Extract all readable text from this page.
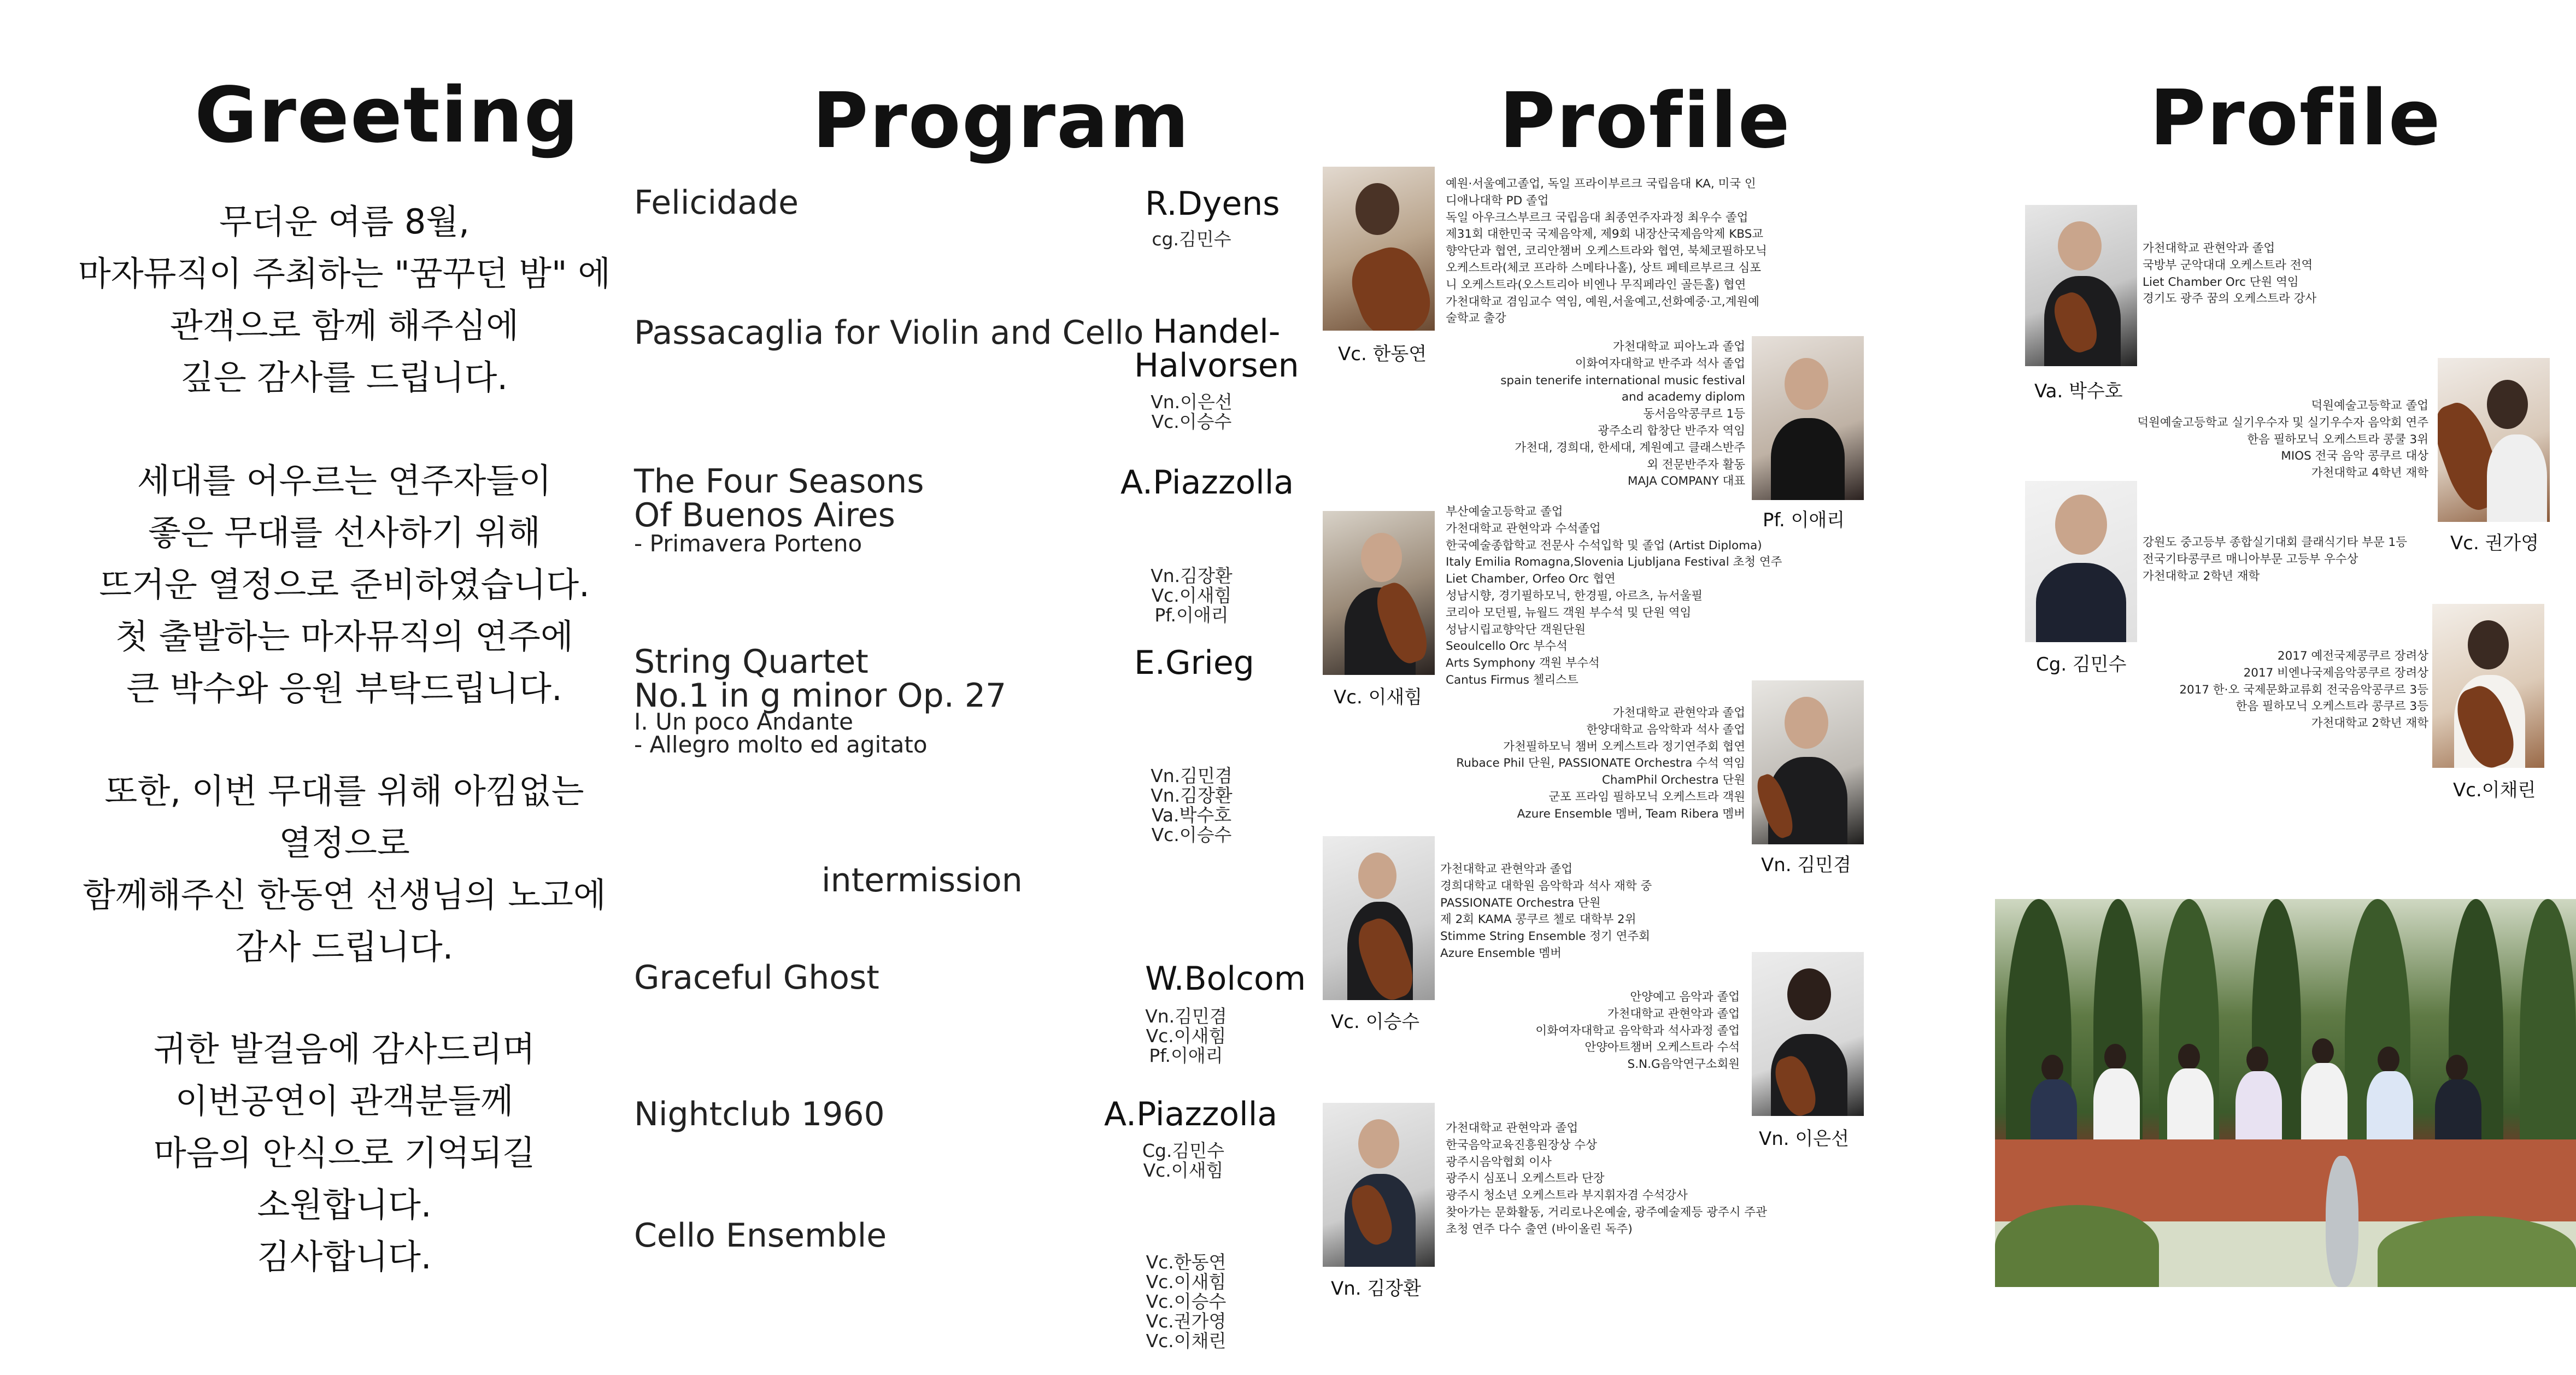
Greeting	Program	Profile	Profile
무더운 여름 8월,
마자뮤직이 주최하는 "꿈꾸던 밤" 에
관객으로 함께 해주심에
깊은 감사를 드립니다.
세대를 어우르는 연주자들이
좋은 무대를 선사하기 위해
뜨거운 열정으로 준비하였습니다.
첫 출발하는 마자뮤직의 연주에
큰 박수와 응원 부탁드립니다.
또한, 이번 무대를 위해 아낌없는
열정으로
함께해주신 한동연 선생님의 노고에
감사 드립니다.
귀한 발걸음에 감사드리며
이번공연이 관객분들께
마음의 안식으로 기억되길
소원합니다.
김사합니다.
Felicidade	R.Dyens
cg.김민수
Passacaglia for Violin and Cello Handel-
Halvorsen
Vn.이은선
Vc.이승수
The Four Seasons
Of Buenos Aires
- Primavera Porteno
A.Piazzolla
Vn.김장환
Vc.이새힘
Pf.이애리
String Quartet
No.1 in g minor Op. 27
I. Un poco Andante
- Allegro molto ed agitato
E.Grieg
Vn.김민겸
Vn.김장환
Va.박수호
Vc.이승수
intermission
Graceful Ghost	W.Bolcom
Vn.김민겸
Vc.이새힘
Pf.이애리
Nightclub 1960	A.Piazzolla
Cg.김민수
Vc.이새힘
Cello Ensemble
Vc.한동연
Vc.이새힘
Vc.이승수
Vc.권가영
Vc.이채린
Vc. 한동연
예원·서울예고졸업, 독일 프라이부르크 국립음대 KA, 미국 인
디애나대학 PD 졸업
독일 아우크스부르크 국립음대 최종연주자과정 최우수 졸업
제31회 대한민국 국제음악제, 제9회 내장산국제음악제 KBS교
향악단과 협연, 코리안챔버 오케스트라와 협연, 북체코필하모닉
오케스트라(체코 프라하 스메타나홀), 상트 페테르부르크 심포
니 오케스트라(오스트리아 비엔나 무직페라인 골든홀) 협연
가천대학교 겸임교수 역임, 예원,서울예고,선화예중·고,계원예
술학교 출강
가천대학교 피아노과 졸업
이화여자대학교 반주과 석사 졸업
spain tenerife international music festival
and academy diplom
동서음악콩쿠르 1등
광주소리 합창단 반주자 역임
가천대, 경희대, 한세대, 계원예고 클래스반주
외 전문반주자 활동
MAJA COMPANY 대표
Pf. 이애리
Vc. 이새힘
부산예술고등학교 졸업
가천대학교 관현악과 수석졸업
한국예술종합학교 전문사 수석입학 및 졸업 (Artist Diploma)
Italy Emilia Romagna,Slovenia Ljubljana Festival 초청 연주
Liet Chamber, Orfeo Orc 협연
성남시향, 경기필하모닉, 한경필, 아르츠, 뉴서울필
코리아 모던필, 뉴월드 객원 부수석 및 단원 역임
성남시립교향악단 객원단원
Seoulcello Orc 부수석
Arts Symphony 객원 부수석
Cantus Firmus 첼리스트
가천대학교 관현악과 졸업
한양대학교 음악학과 석사 졸업
가천필하모닉 챔버 오케스트라 정기연주회 협연
Rubace Phil 단원, PASSIONATE Orchestra 수석 역임
ChamPhil Orchestra 단원
군포 프라임 필하모닉 오케스트라 객원
Azure Ensemble 멤버, Team Ribera 멤버
Vn. 김민겸
Vc. 이승수
가천대학교 관현악과 졸업
경희대학교 대학원 음악학과 석사 재학 중
PASSIONATE Orchestra 단원
제 2회 KAMA 콩쿠르 첼로 대학부 2위
Stimme String Ensemble 정기 연주회
Azure Ensemble 멤버
안양예고 음악과 졸업
가천대학교 관현악과 졸업
이화여자대학교 음악학과 석사과정 졸업
안양아트챔버 오케스트라 수석
S.N.G음악연구소회원
Vn. 이은선
Vn. 김장환
가천대학교 관현악과 졸업
한국음악교육진흥원장상 수상
광주시음악협회 이사
광주시 심포니 오케스트라 단장
광주시 청소년 오케스트라 부지휘자겸 수석강사
찾아가는 문화활동, 거리로나온예술, 광주예술제등 광주시 주관
초청 연주 다수 출연 (바이올린 독주)
Va. 박수호
가천대학교 관현악과 졸업
국방부 군악대대 오케스트라 전역
Liet Chamber Orc 단원 역임
경기도 광주 꿈의 오케스트라 강사
덕원예술고등학교 졸업
덕원예술고등학교 실기우수자 및 실기우수자 음악회 연주
한음 필하모닉 오케스트라 콩쿨 3위
MIOS 전국 음악 콩쿠르 대상
가천대학교 4학년 재학
Vc. 권가영
Cg. 김민수
강원도 중고등부 종합실기대회 클래식기타 부문 1등
전국기타콩쿠르 매니아부문 고등부 우수상
가천대학교 2학년 재학
2017 예전국제콩쿠르 장려상
2017 비엔나국제음악콩쿠르 장려상
2017 한·오 국제문화교류회 전국음악콩쿠르 3등
한음 필하모닉 오케스트라 콩쿠르 3등
가천대학교 2학년 재학
Vc.이채린
